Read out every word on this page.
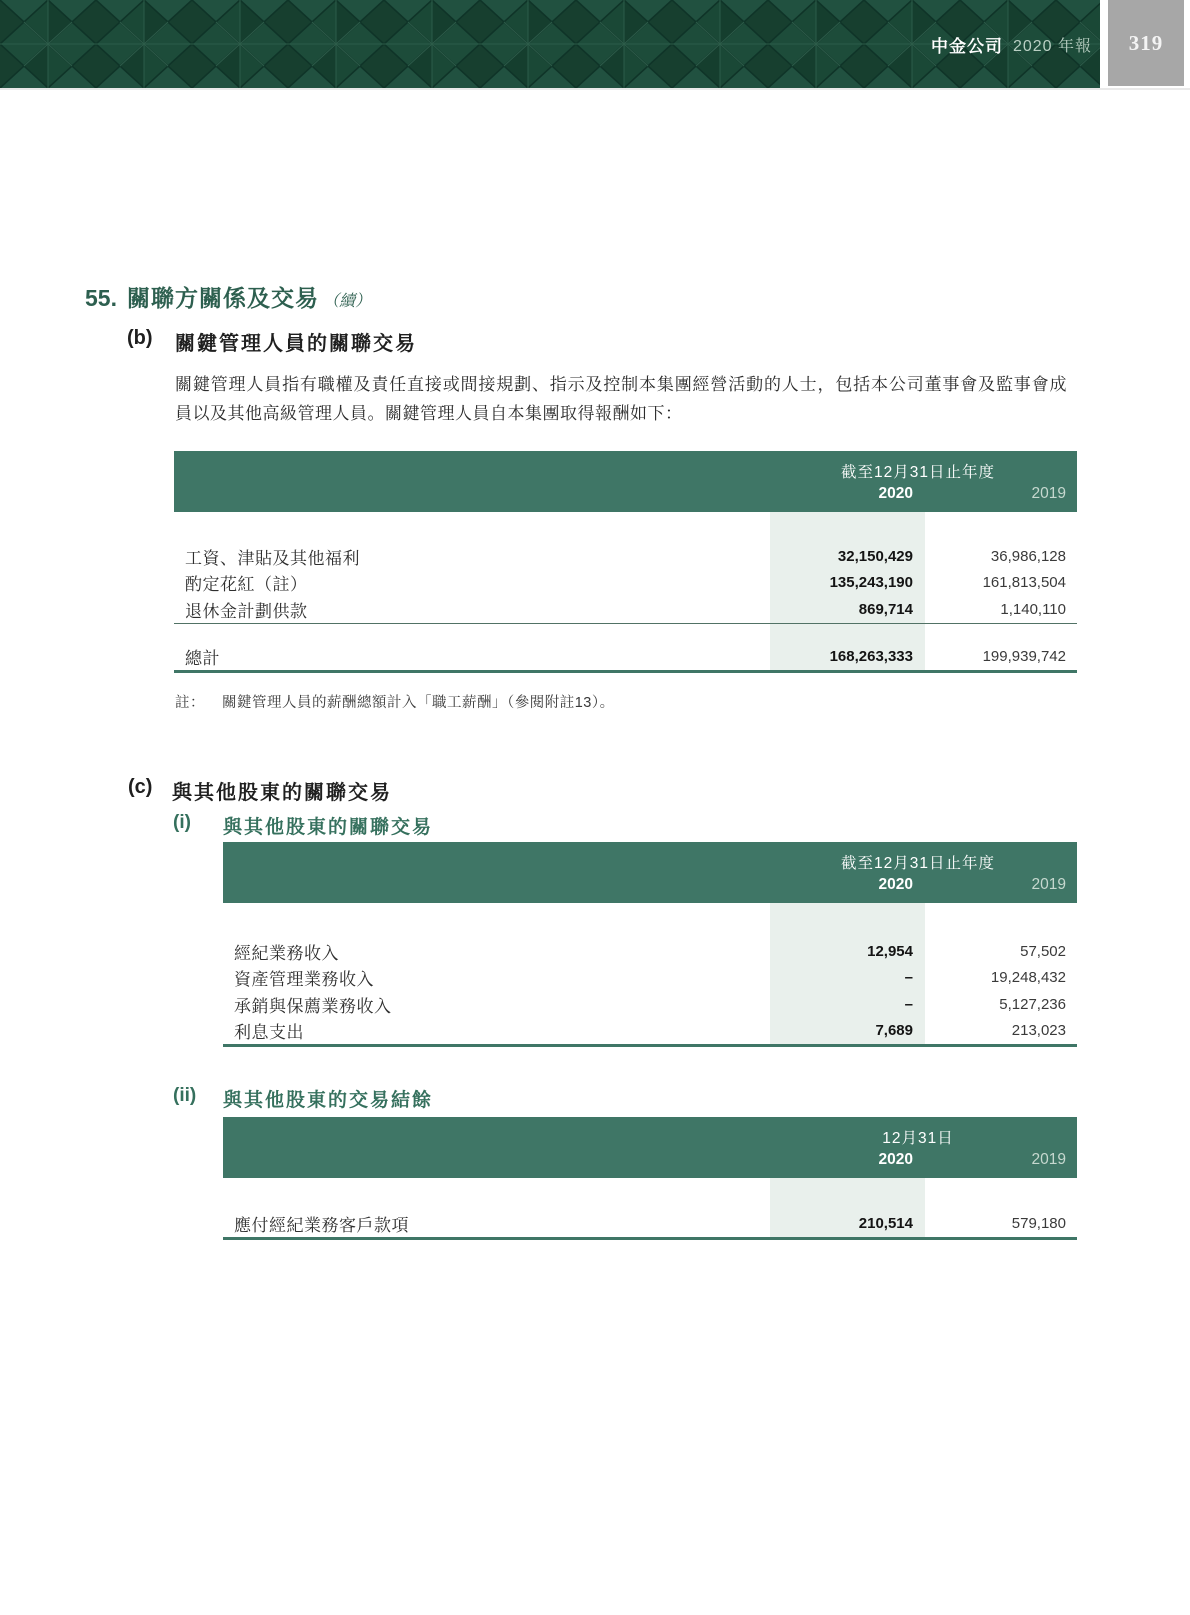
中金公司 2020 年報 319
55. 關聯方關係及交易 （續）
(b)	關鍵管理人員的關聯交易
關鍵管理人員指有職權及責任直接或間接規劃、指示及控制本集團經營活動的人士，包括本公司董事會及監事會成員以及其他高級管理人員。關鍵管理人員自本集團取得報酬如下：
截至12月31日止年度
2020	2019
工資、津貼及其他福利	32,150,429	36,986,128
酌定花紅（註）	135,243,190	161,813,504
退休金計劃供款	869,714	1,140,110
總計	168,263,333	199,939,742
註：	關鍵管理人員的薪酬總額計入「職工薪酬」（參閱附註13）。
(c) 與其他股東的關聯交易
(i)	與其他股東的關聯交易
截至12月31日止年度
2020	2019
經紀業務收入	12,954	57,502
資產管理業務收入	–	19,248,432
承銷與保薦業務收入	–	5,127,236
利息支出	7,689	213,023
(ii)	與其他股東的交易結餘
12月31日
2020	2019
應付經紀業務客戶款項	210,514	579,180
